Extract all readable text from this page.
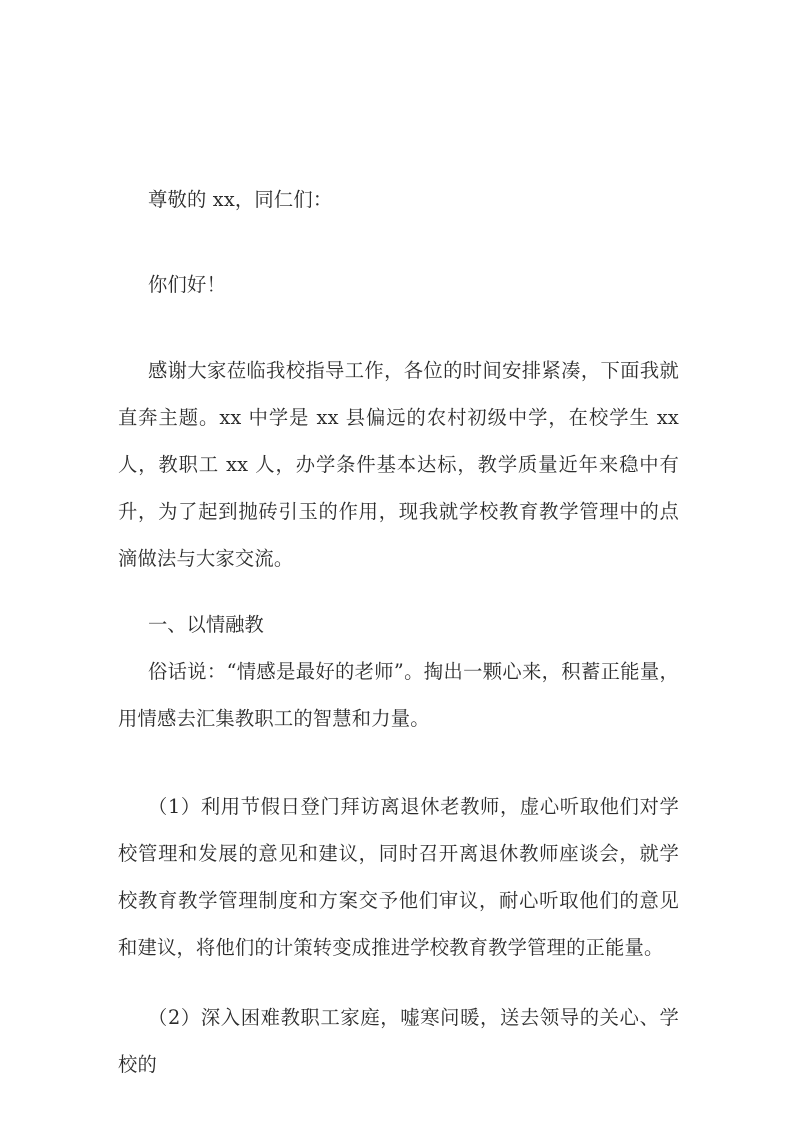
尊敬的 xx，同仁们：

你们好！

感谢大家莅临我校指导工作，各位的时间安排紧凑，下面我就直奔主题。xx 中学是 xx 县偏远的农村初级中学，在校学生 xx 人，教职工 xx 人，办学条件基本达标，教学质量近年来稳中有升，为了起到抛砖引玉的作用，现我就学校教育教学管理中的点滴做法与大家交流。

一、以情融教

俗话说：“情感是最好的老师”。掏出一颗心来，积蓄正能量，用情感去汇集教职工的智慧和力量。

（1）利用节假日登门拜访离退休老教师，虚心听取他们对学校管理和发展的意见和建议，同时召开离退休教师座谈会，就学校教育教学管理制度和方案交予他们审议，耐心听取他们的意见和建议，将他们的计策转变成推进学校教育教学管理的正能量。

（2）深入困难教职工家庭，嘘寒问暖，送去领导的关心、学校的
